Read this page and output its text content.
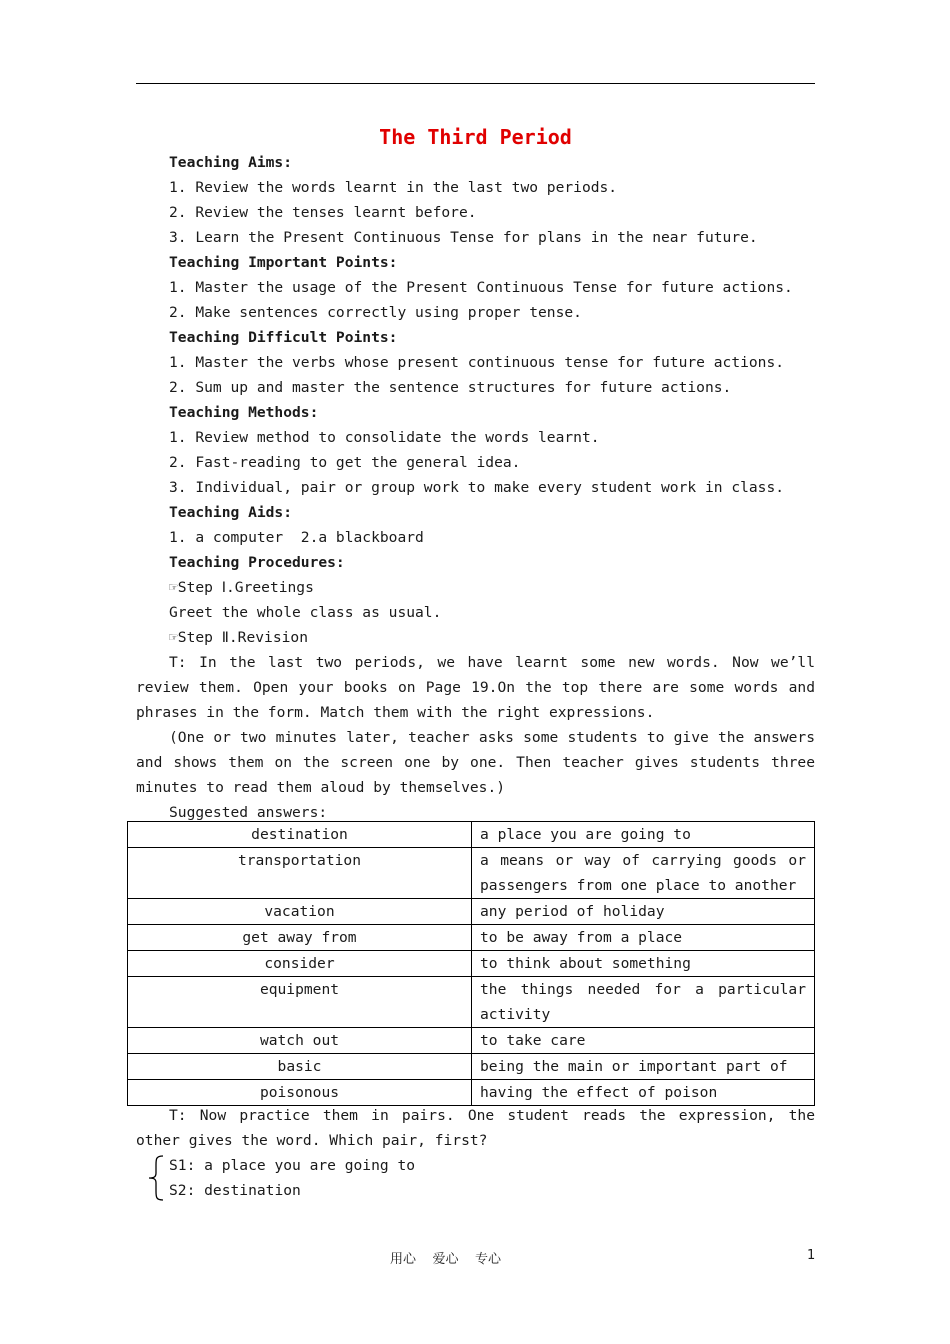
The Third Period
Teaching Aims:
1. Review the words learnt in the last two periods.
2. Review the tenses learnt before.
3. Learn the Present Continuous Tense for plans in the near future.
Teaching Important Points:
1. Master the usage of the Present Continuous Tense for future actions.
2. Make sentences correctly using proper tense.
Teaching Difficult Points:
1. Master the verbs whose present continuous tense for future actions.
2. Sum up and master the sentence structures for future actions.
Teaching Methods:
1. Review method to consolidate the words learnt.
2. Fast-reading to get the general idea.
3. Individual, pair or group work to make every student work in class.
Teaching Aids:
1. a computer  2.a blackboard
Teaching Procedures:
☞Step Ⅰ.Greetings
Greet the whole class as usual.
☞Step Ⅱ.Revision

T: In the last two periods, we have learnt some new words. Now we’ll review them. Open your books on Page 19.On the top there are some words and phrases in the form. Match them with the right expressions.

(One or two minutes later, teacher asks some students to give the answers and shows them on the screen one by one. Then teacher gives students three minutes to read them aloud by themselves.)

Suggested answers:
destination	a place you are going to
transportation	a means or way of carrying goods or passengers from one place to another
vacation	any period of holiday
get away from	to be away from a place
consider	to think about something
equipment	the things needed for a particular activity
watch out	to take care
basic	being the main or important part of
poisonous	having the effect of poison

T: Now practice them in pairs. One student reads the expression, the other gives the word. Which pair, first?

S1: a place you are going to
S2: destination
用心    爱心    专心	1
